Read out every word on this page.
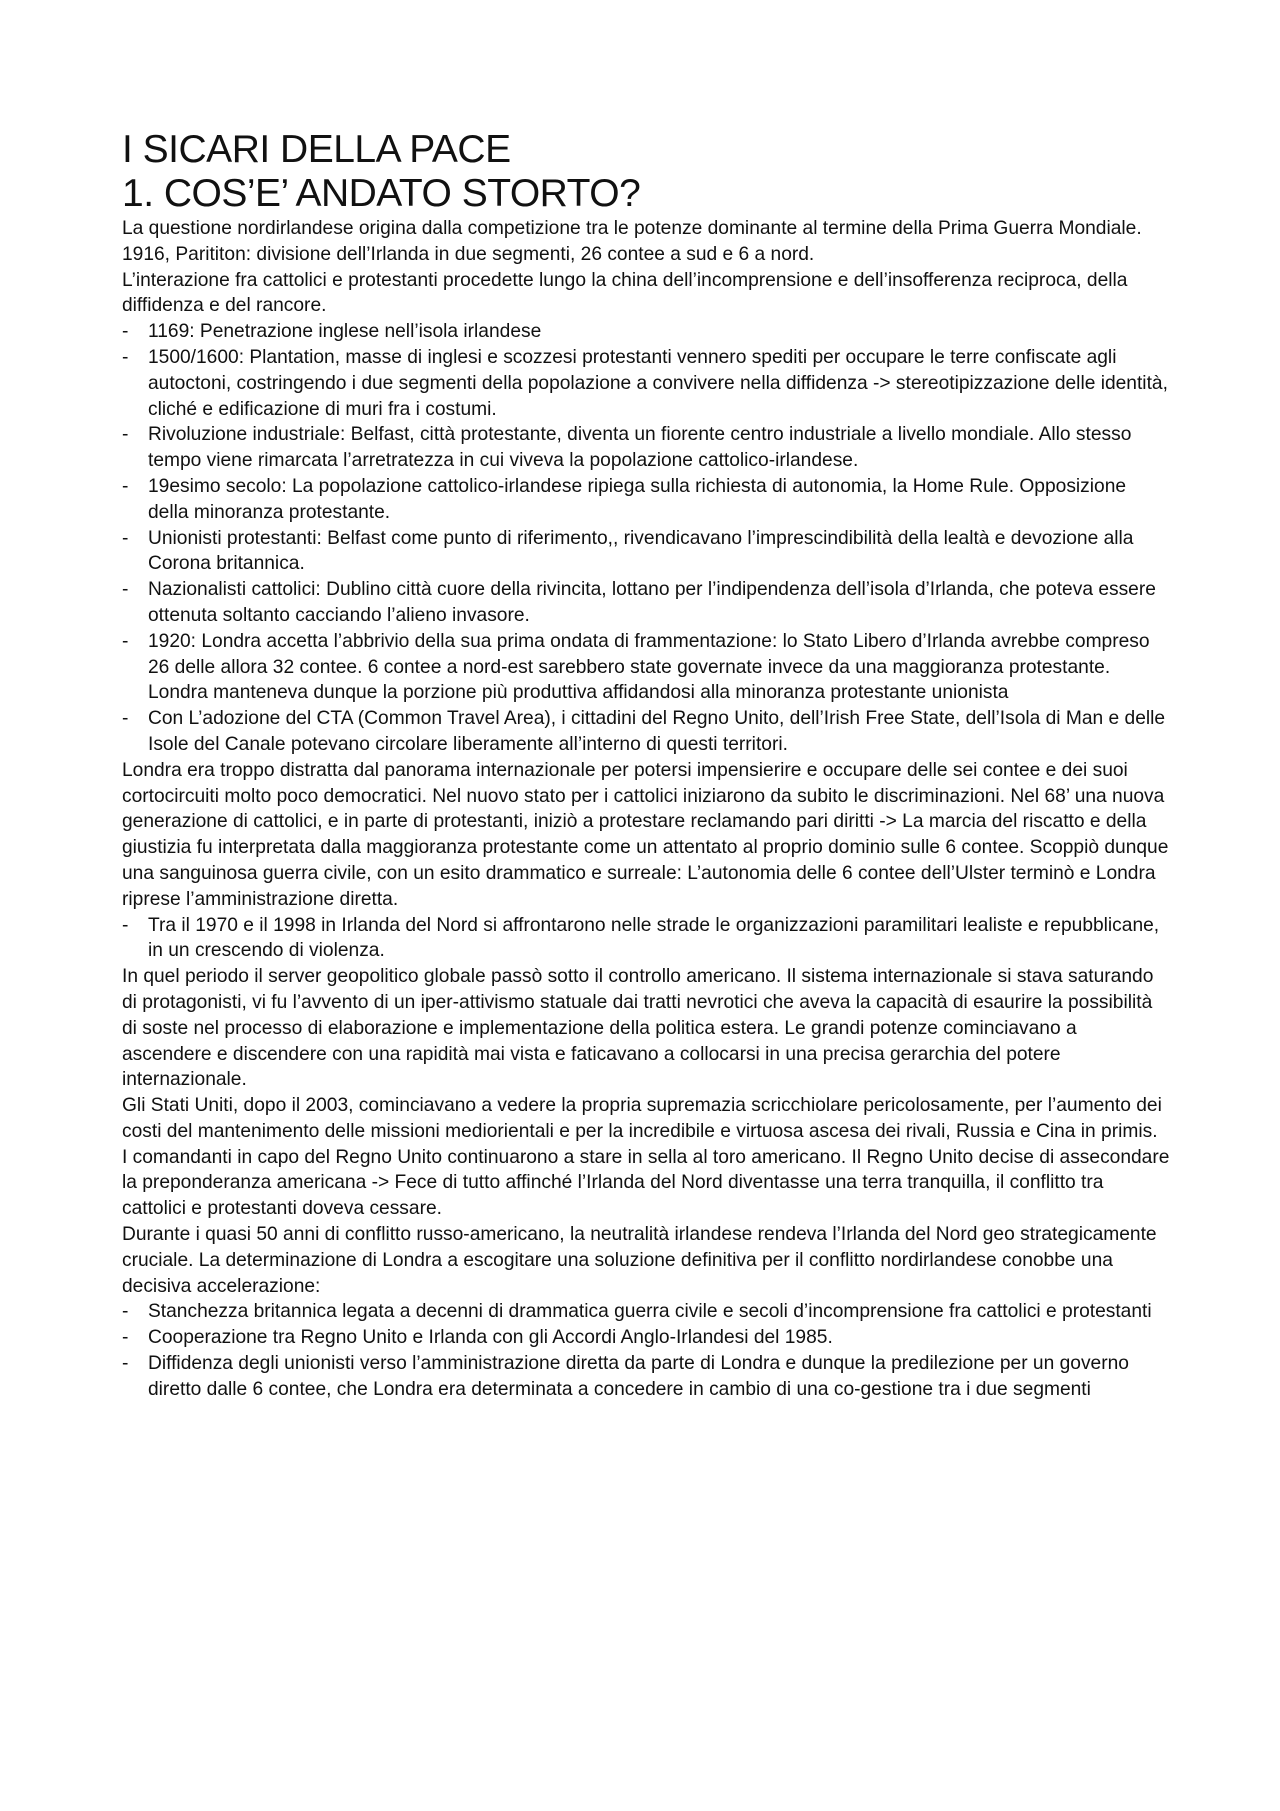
I SICARI DELLA PACE
1. COS’E’ ANDATO STORTO?

La questione nordirlandese origina dalla competizione tra le potenze dominante al termine della Prima Guerra Mondiale.

1916, Parititon: divisione dell’Irlanda in due segmenti, 26 contee a sud e 6 a nord.

L’interazione fra cattolici e protestanti procedette lungo la china dell’incomprensione e dell’insofferenza reciproca, della diffidenza e del rancore.

- 1169: Penetrazione inglese nell’isola irlandese
- 1500/1600: Plantation, masse di inglesi e scozzesi protestanti vennero spediti per occupare le terre confiscate agli autoctoni, costringendo i due segmenti della popolazione a convivere nella diffidenza -> stereotipizzazione delle identità, cliché e edificazione di muri fra i costumi.
- Rivoluzione industriale: Belfast, città protestante, diventa un fiorente centro industriale a livello mondiale. Allo stesso tempo viene rimarcata l’arretratezza in cui viveva la popolazione cattolico-irlandese.
- 19esimo secolo: La popolazione cattolico-irlandese ripiega sulla richiesta di autonomia, la Home Rule. Opposizione della minoranza protestante.
- Unionisti protestanti: Belfast come punto di riferimento,, rivendicavano l’imprescindibilità della lealtà e devozione alla Corona britannica.
- Nazionalisti cattolici: Dublino città cuore della rivincita, lottano per l’indipendenza dell’isola d’Irlanda, che poteva essere ottenuta soltanto cacciando l’alieno invasore.
- 1920: Londra accetta l’abbrivio della sua prima ondata di frammentazione: lo Stato Libero d’Irlanda avrebbe compreso 26 delle allora 32 contee. 6 contee a nord-est sarebbero state governate invece da una maggioranza protestante. Londra manteneva dunque la porzione più produttiva affidandosi alla minoranza protestante unionista
- Con L’adozione del CTA (Common Travel Area), i cittadini del Regno Unito, dell’Irish Free State, dell’Isola di Man e delle Isole del Canale potevano circolare liberamente all’interno di questi territori.

Londra era troppo distratta dal panorama internazionale per potersi impensierire e occupare delle sei contee e dei suoi cortocircuiti molto poco democratici. Nel nuovo stato per i cattolici iniziarono da subito le discriminazioni. Nel 68’ una nuova generazione di cattolici, e in parte di protestanti, iniziò a protestare reclamando pari diritti -> La marcia del riscatto e della giustizia fu interpretata dalla maggioranza protestante come un attentato al proprio dominio sulle 6 contee. Scoppiò dunque una sanguinosa guerra civile, con un esito drammatico e surreale: L’autonomia delle 6 contee dell’Ulster terminò e Londra riprese l’amministrazione diretta.

- Tra il 1970 e il 1998 in Irlanda del Nord si affrontarono nelle strade le organizzazioni paramilitari lealiste e repubblicane, in un crescendo di violenza.

In quel periodo il server geopolitico globale passò sotto il controllo americano. Il sistema internazionale si stava saturando di protagonisti, vi fu l’avvento di un iper-attivismo statuale dai tratti nevrotici che aveva la capacità di esaurire la possibilità di soste nel processo di elaborazione e implementazione della politica estera. Le grandi potenze cominciavano a ascendere e discendere con una rapidità mai vista e faticavano a collocarsi in una precisa gerarchia del potere internazionale.

Gli Stati Uniti, dopo il 2003, cominciavano a vedere la propria supremazia scricchiolare pericolosamente, per l’aumento dei costi del mantenimento delle missioni mediorientali e per la incredibile e virtuosa ascesa dei rivali, Russia e Cina in primis.

I comandanti in capo del Regno Unito continuarono a stare in sella al toro americano. Il Regno Unito decise di assecondare la preponderanza americana -> Fece di tutto affinché l’Irlanda del Nord diventasse una terra tranquilla, il conflitto tra cattolici e protestanti doveva cessare.

Durante i quasi 50 anni di conflitto russo-americano, la neutralità irlandese rendeva l’Irlanda del Nord geo strategicamente cruciale. La determinazione di Londra a escogitare una soluzione definitiva per il conflitto nordirlandese conobbe una decisiva accelerazione:

- Stanchezza britannica legata a decenni di drammatica guerra civile e secoli d’incomprensione fra cattolici e protestanti
- Cooperazione tra Regno Unito e Irlanda con gli Accordi Anglo-Irlandesi del 1985.
- Diffidenza degli unionisti verso l’amministrazione diretta da parte di Londra e dunque la predilezione per un governo diretto dalle 6 contee, che Londra era determinata a concedere in cambio di una co-gestione tra i due segmenti
